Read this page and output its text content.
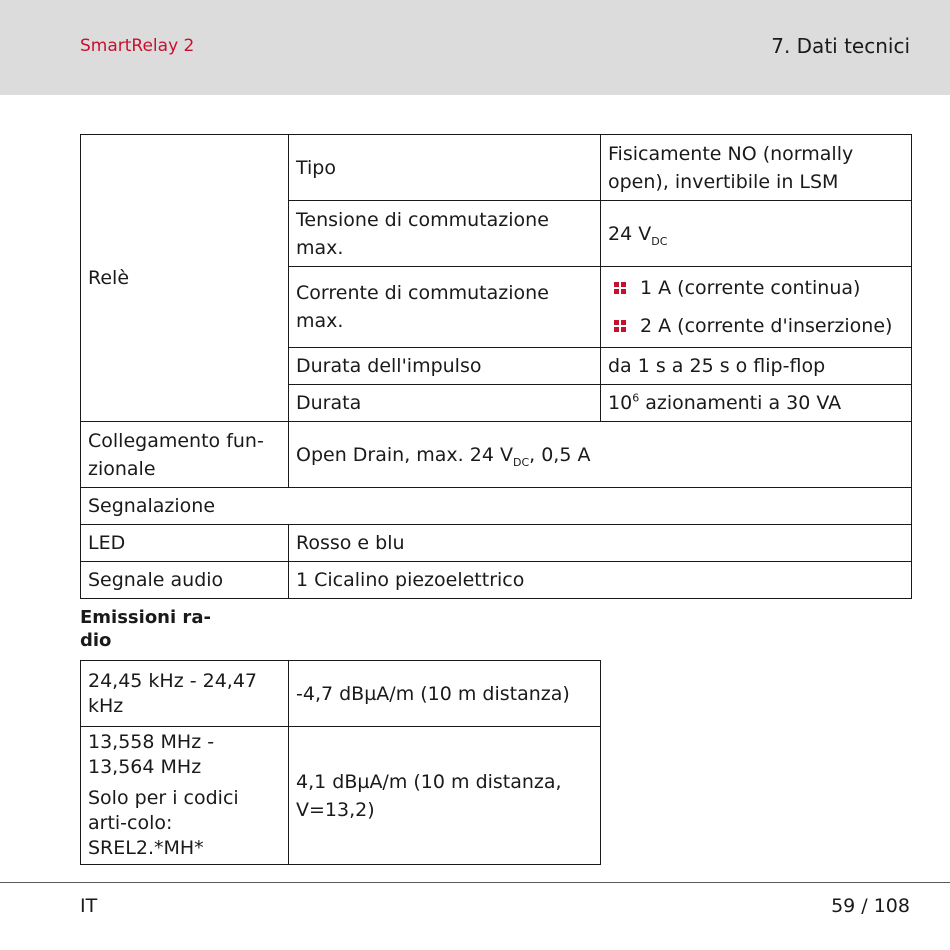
SmartRelay 2	7. Dati tecnici
Relè	Tipo	Fisicamente NO (normally open), invertibile in LSM
	Tensione di commutazione max.	24 $V_{DC}$
	Corrente di commutazione max.	1 A (corrente continua)
2 A (corrente d'inserzione)

	Durata dell'impulso	da 1 s a 25 s o flip-flop
	Durata	$10^6$ azionamenti a 30 VA
Collegamento fun-zionale	Open Drain, max. 24 $V_{DC}$, 0,5 A	
Segnalazione		
LED	Rosso e blu	
Segnale audio	1 Cicalino piezoelettrico	
Emissioni ra-dio
24,45 kHz - 24,47 kHz	-4,7 dBµA/m (10 m distanza)

13,558 MHz - 13,564 MHz
Solo per i codici arti-colo: SREL2.*MH*	4,1 dBµA/m (10 m distanza, V=13,2)
IT	59 / 108
